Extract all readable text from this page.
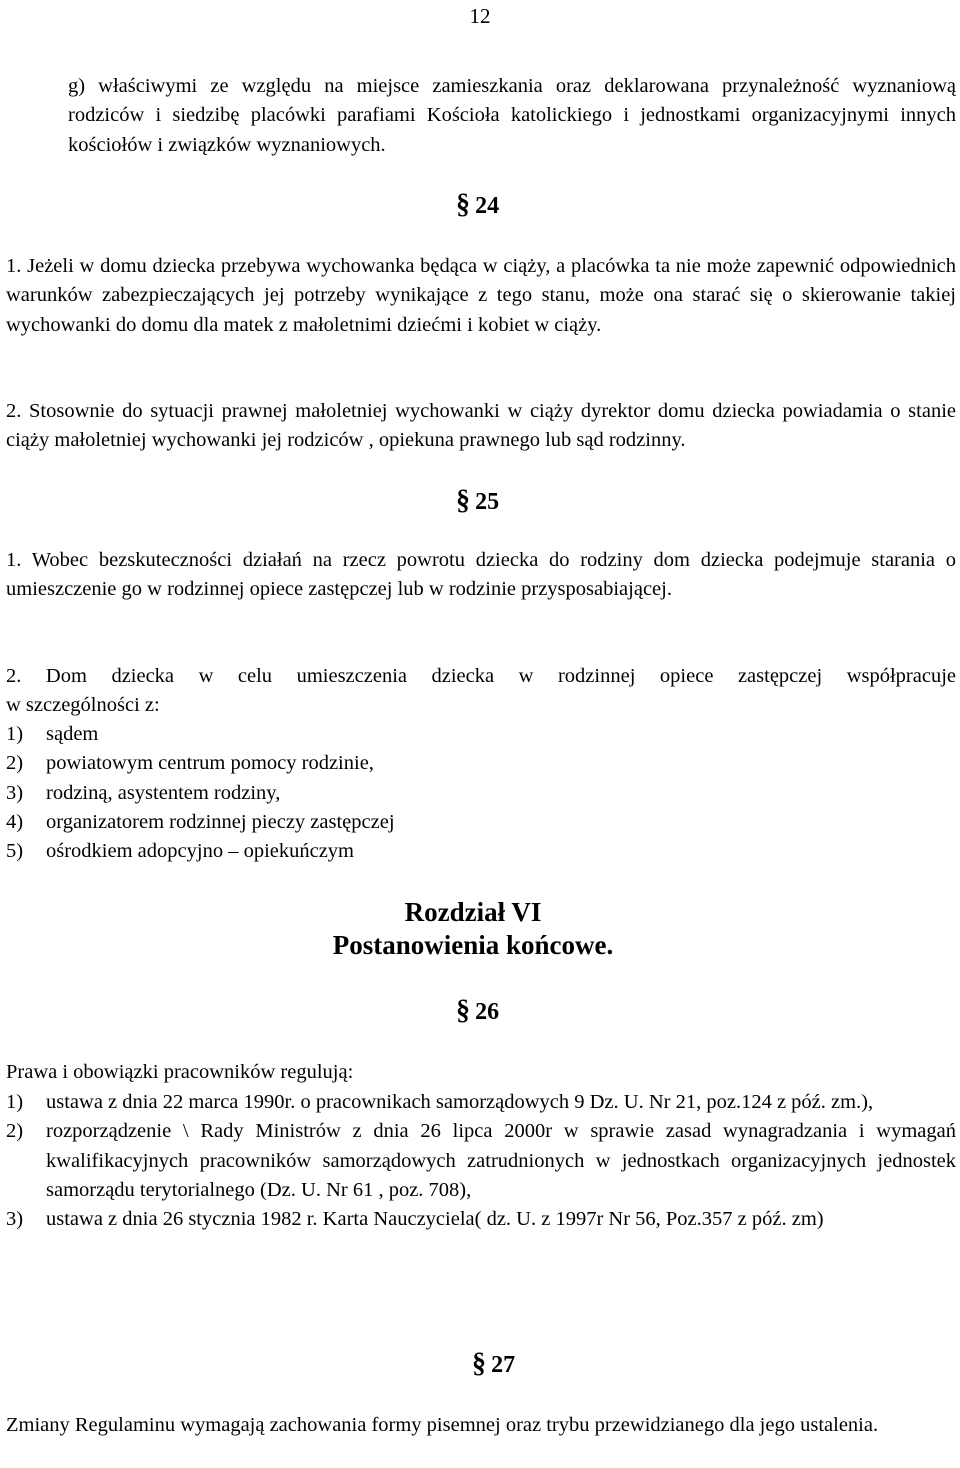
12
g) właściwymi ze względu na miejsce zamieszkania oraz deklarowana przynależność wyznaniową rodziców i siedzibę placówki parafiami Kościoła katolickiego i jednostkami organizacyjnymi innych kościołów i związków wyznaniowych.
§ 24
1. Jeżeli w domu dziecka przebywa wychowanka będąca w ciąży, a placówka ta nie może zapewnić odpowiednich warunków zabezpieczających jej potrzeby wynikające z tego stanu, może ona starać się o skierowanie takiej wychowanki do domu dla matek z małoletnimi dziećmi i kobiet w ciąży.
2. Stosownie do sytuacji prawnej małoletniej wychowanki w ciąży dyrektor domu dziecka powiadamia o stanie ciąży małoletniej wychowanki jej rodziców , opiekuna prawnego lub sąd rodzinny.
§ 25
1. Wobec bezskuteczności działań na rzecz powrotu dziecka do rodziny dom dziecka podejmuje starania o umieszczenie go w rodzinnej opiece zastępczej lub w rodzinie przysposabiającej.
2. Dom dziecka w celu umieszczenia dziecka w rodzinnej opiece zastępczej współpracuje
w szczególności z:
1)	sądem
2)	powiatowym centrum pomocy rodzinie,
3)	rodziną, asystentem rodziny,
4)	organizatorem rodzinnej pieczy zastępczej
5)	ośrodkiem adopcyjno – opiekuńczym
Rozdział VI
Postanowienia końcowe.
§ 26
Prawa i obowiązki pracowników regulują:
1)	ustawa z dnia 22 marca 1990r. o pracownikach samorządowych 9 Dz. U. Nr 21, poz.124 z póź. zm.),
2)	rozporządzenie \ Rady Ministrów z dnia 26 lipca 2000r w sprawie zasad wynagradzania i wymagań kwalifikacyjnych pracowników samorządowych zatrudnionych w jednostkach organizacyjnych jednostek samorządu terytorialnego (Dz. U. Nr 61 , poz. 708),
3)	ustawa z dnia 26 stycznia 1982 r. Karta Nauczyciela( dz. U. z 1997r Nr 56, Poz.357 z póź. zm)
§ 27
Zmiany Regulaminu wymagają zachowania formy pisemnej oraz trybu przewidzianego dla jego ustalenia.
